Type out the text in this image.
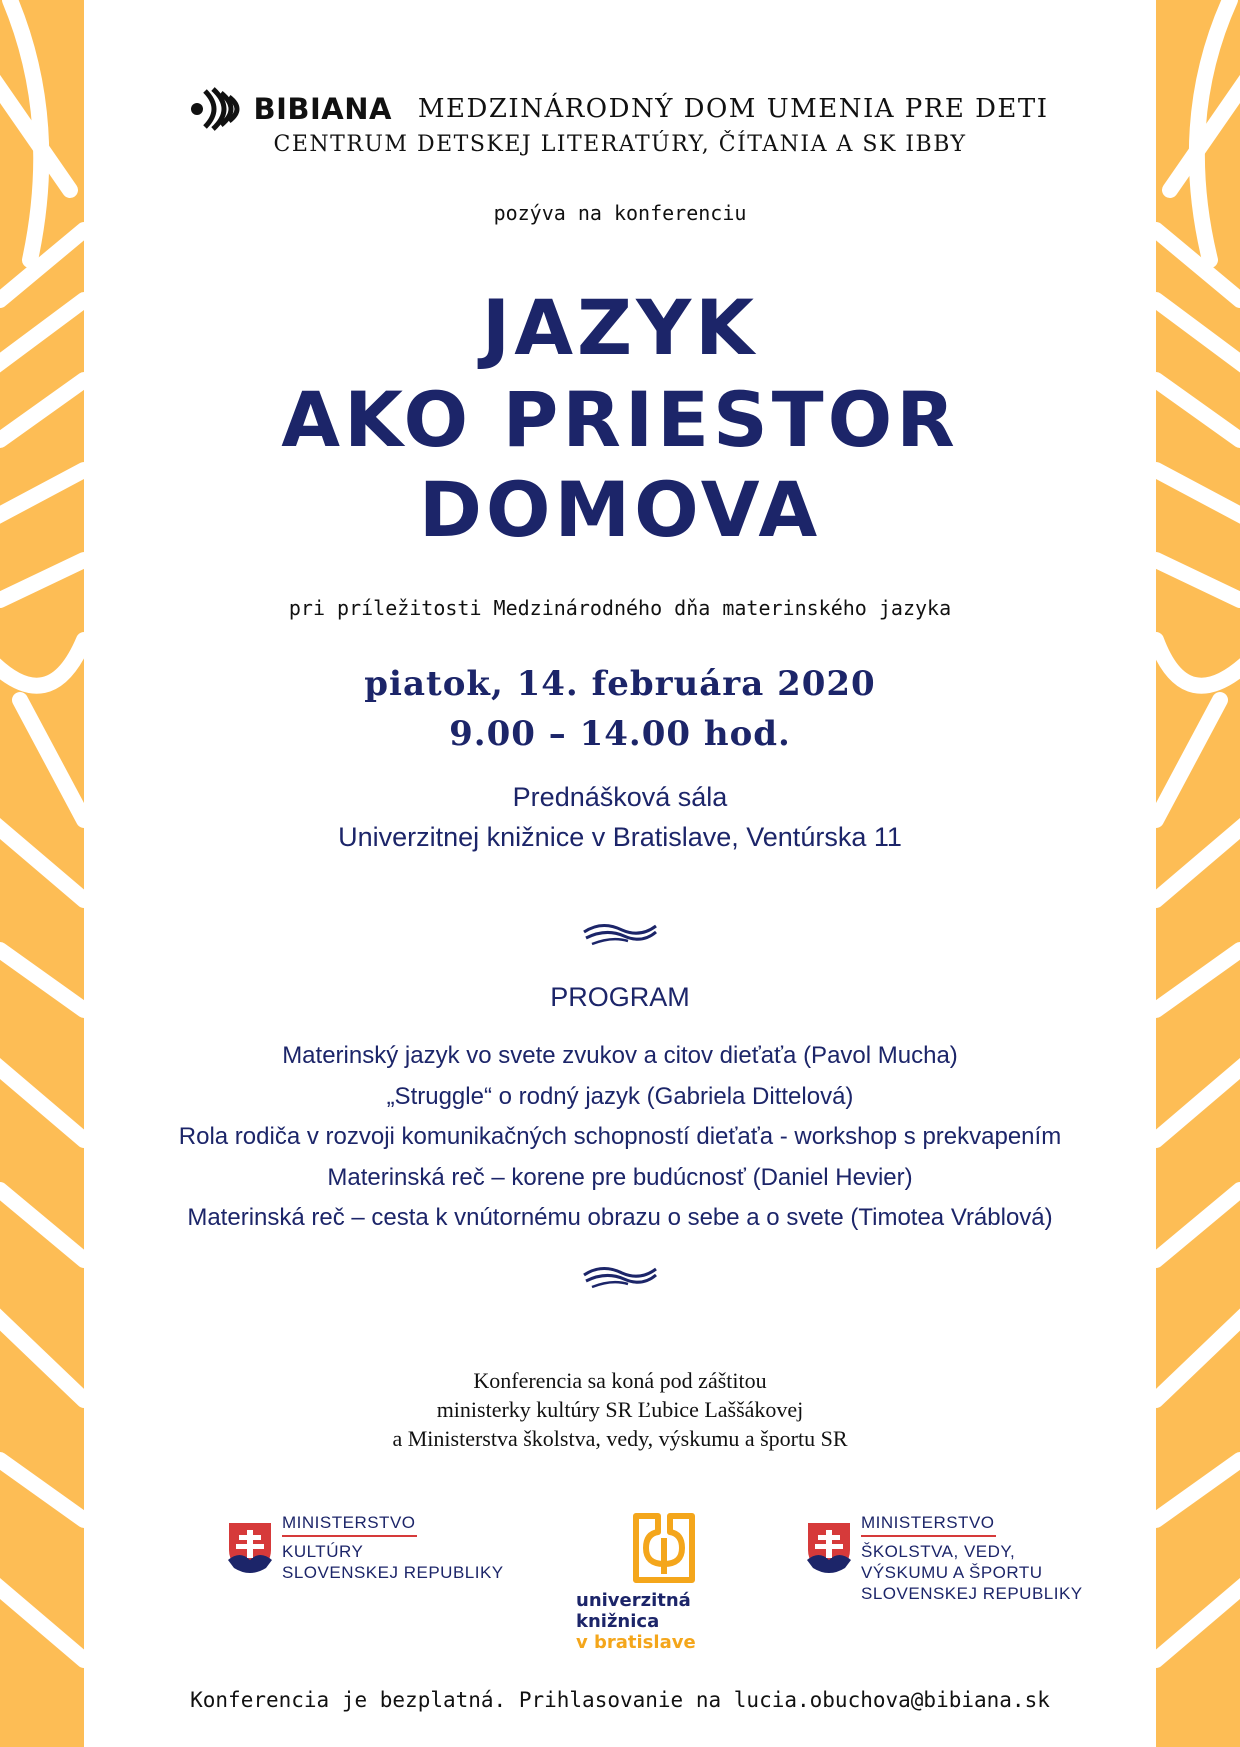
BIBIANA MEDZINÁRODNÝ DOM UMENIA PRE DETI
CENTRUM DETSKEJ LITERATÚRY, ČÍTANIA A SK IBBY
pozýva na konferenciu
JAZYK
AKO PRIESTOR
DOMOVA
pri príležitosti Medzinárodného dňa materinského jazyka
piatok, 14. februára 2020
9.00 – 14.00 hod.
Prednášková sála
Univerzitnej knižnice v Bratislave, Ventúrska 11
PROGRAM
Materinský jazyk vo svete zvukov a citov dieťaťa (Pavol Mucha)
„Struggle“ o rodný jazyk (Gabriela Dittelová)
Rola rodiča v rozvoji komunikačných schopností dieťaťa - workshop s prekvapením
Materinská reč – korene pre budúcnosť (Daniel Hevier)
Materinská reč – cesta k vnútornému obrazu o sebe a o svete (Timotea Vráblová)
Konferencia sa koná pod záštitou
ministerky kultúry SR Ľubice Laššákovej
a Ministerstva školstva, vedy, výskumu a športu SR
MINISTERSTVO
KULTÚRY
SLOVENSKEJ REPUBLIKY
univerzitná knižnica
v bratislave
MINISTERSTVO
ŠKOLSTVA, VEDY,
VÝSKUMU A ŠPORTU
SLOVENSKEJ REPUBLIKY
Konferencia je bezplatná. Prihlasovanie na lucia.obuchova@bibiana.sk
